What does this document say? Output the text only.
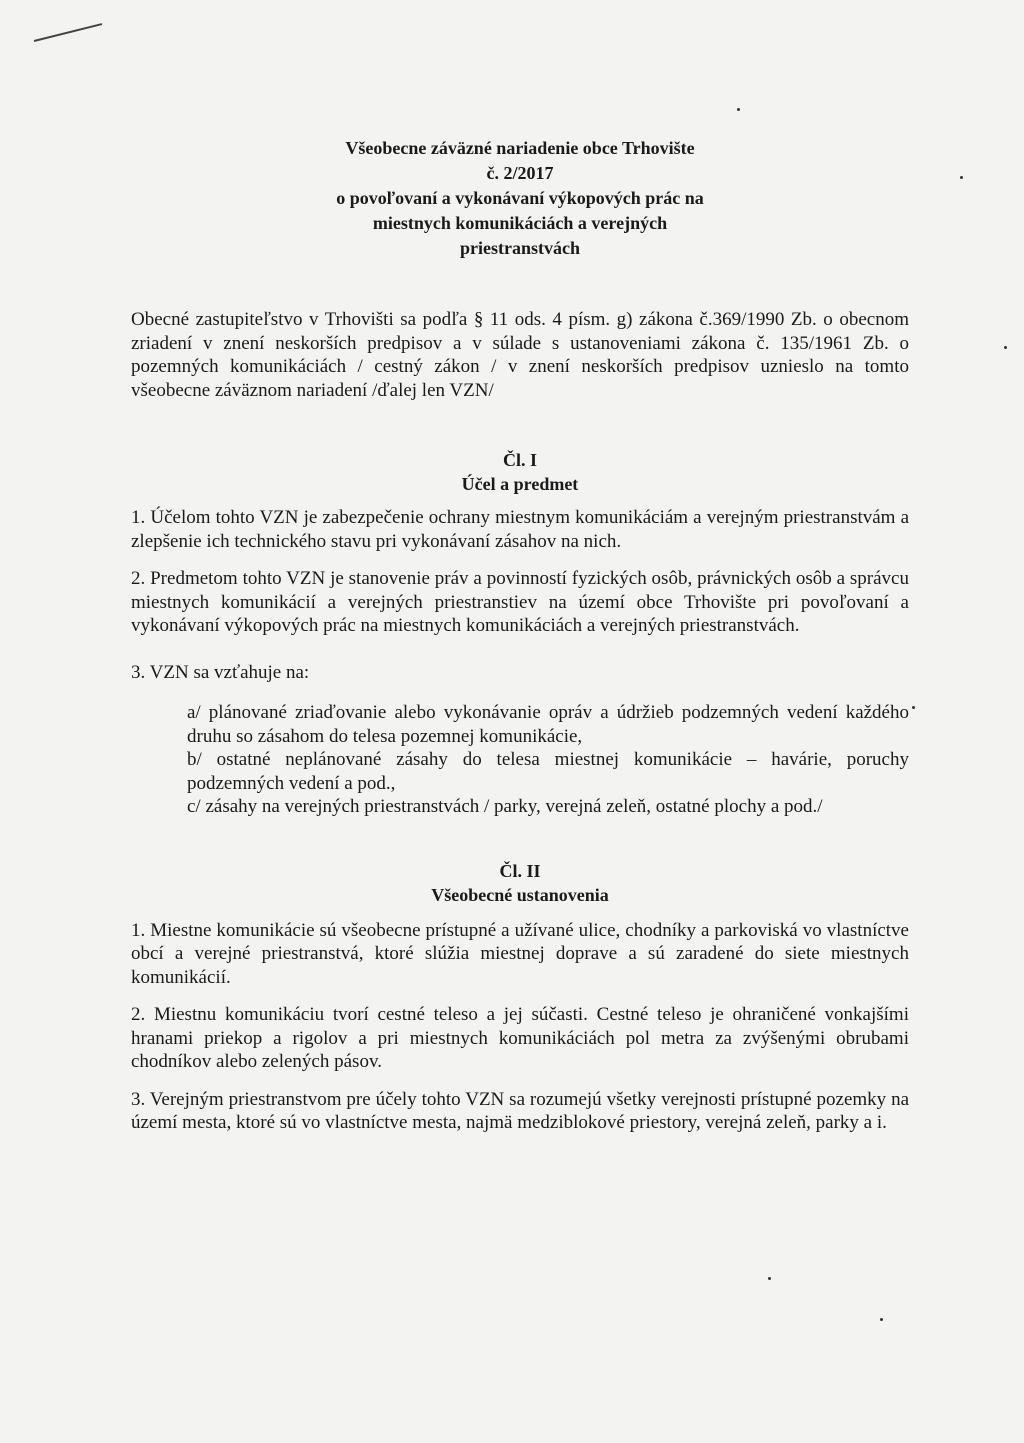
Všeobecne záväzné nariadenie obce Trhovište
č. 2/2017
o povoľovaní a vykonávaní výkopových prác na
miestnych komunikáciách a verejných
priestranstvách

Obecné zastupiteľstvo v Trhovišti sa podľa § 11 ods. 4 písm. g) zákona č.369/1990 Zb. o obecnom zriadení v znení neskorších predpisov a v súlade s ustanoveniami zákona č. 135/1961 Zb. o pozemných komunikáciách / cestný zákon / v znení neskorších predpisov uznieslo na tomto všeobecne záväznom nariadení /ďalej len VZN/

Čl. I
Účel a predmet

1. Účelom tohto VZN je zabezpečenie ochrany miestnym komunikáciám a verejným priestranstvám a zlepšenie ich technického stavu pri vykonávaní zásahov na nich.

2. Predmetom tohto VZN je stanovenie práv a povinností fyzických osôb, právnických osôb a správcu miestnych komunikácií a verejných priestranstiev na území obce Trhovište pri povoľovaní a vykonávaní výkopových prác na miestnych komunikáciách a verejných priestranstvách.

3. VZN sa vzťahuje na:

a/ plánované zriaďovanie alebo vykonávanie opráv a údržieb podzemných vedení každého druhu so zásahom do telesa pozemnej komunikácie,

b/ ostatné neplánované zásahy do telesa miestnej komunikácie – havárie, poruchy podzemných vedení a pod.,

c/ zásahy na verejných priestranstvách / parky, verejná zeleň, ostatné plochy a pod./

Čl. II
Všeobecné ustanovenia

1. Miestne komunikácie sú všeobecne prístupné a užívané ulice, chodníky a parkoviská vo vlastníctve obcí a verejné priestranstvá, ktoré slúžia miestnej doprave a sú zaradené do siete miestnych komunikácií.

2. Miestnu komunikáciu tvorí cestné teleso a jej súčasti. Cestné teleso je ohraničené vonkajšími hranami priekop a rigolov a pri miestnych komunikáciách pol metra za zvýšenými obrubami chodníkov alebo zelených pásov.

3. Verejným priestranstvom pre účely tohto VZN sa rozumejú všetky verejnosti prístupné pozemky na území mesta, ktoré sú vo vlastníctve mesta, najmä medziblokové priestory, verejná zeleň, parky a i.
